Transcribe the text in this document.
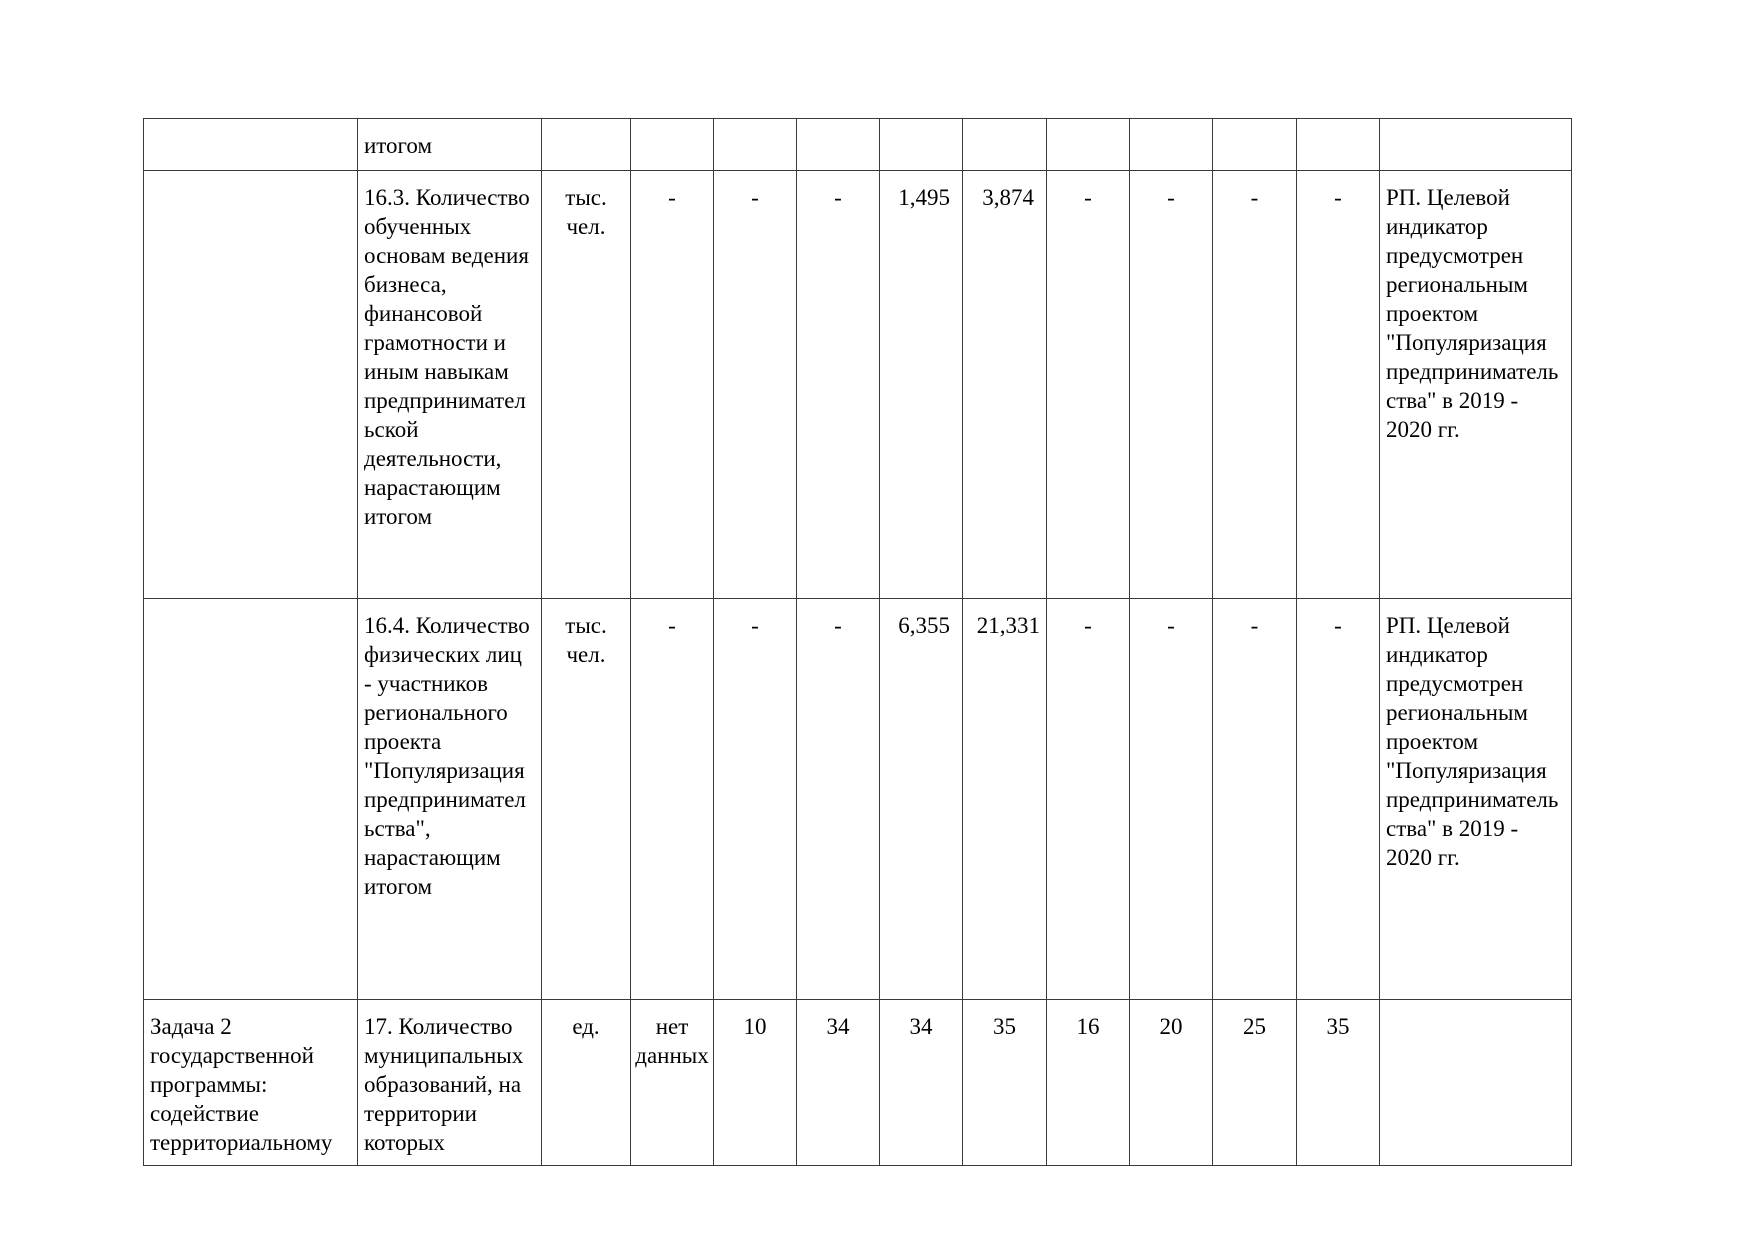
	итогом											
	16.3. Количество обученных основам ведения бизнеса, финансовой грамотности и иным навыкам предпринимательской деятельности, нарастающим итогом	тыс. чел.	-	-	-	1,495	3,874	-	-	-	-	РП. Целевой индикатор предусмотрен региональным проектом "Популяризация предпринимательства" в 2019 - 2020 гг.
	16.4. Количество физических лиц - участников регионального проекта "Популяризация предпринимательства", нарастающим итогом	тыс. чел.	-	-	-	6,355	21,331	-	-	-	-	РП. Целевой индикатор предусмотрен региональным проектом "Популяризация предпринимательства" в 2019 - 2020 гг.
Задача 2 государственной программы: содействие территориальному	17. Количество муниципальных образований, на территории которых	ед.	нет данных	10	34	34	35	16	20	25	35	
